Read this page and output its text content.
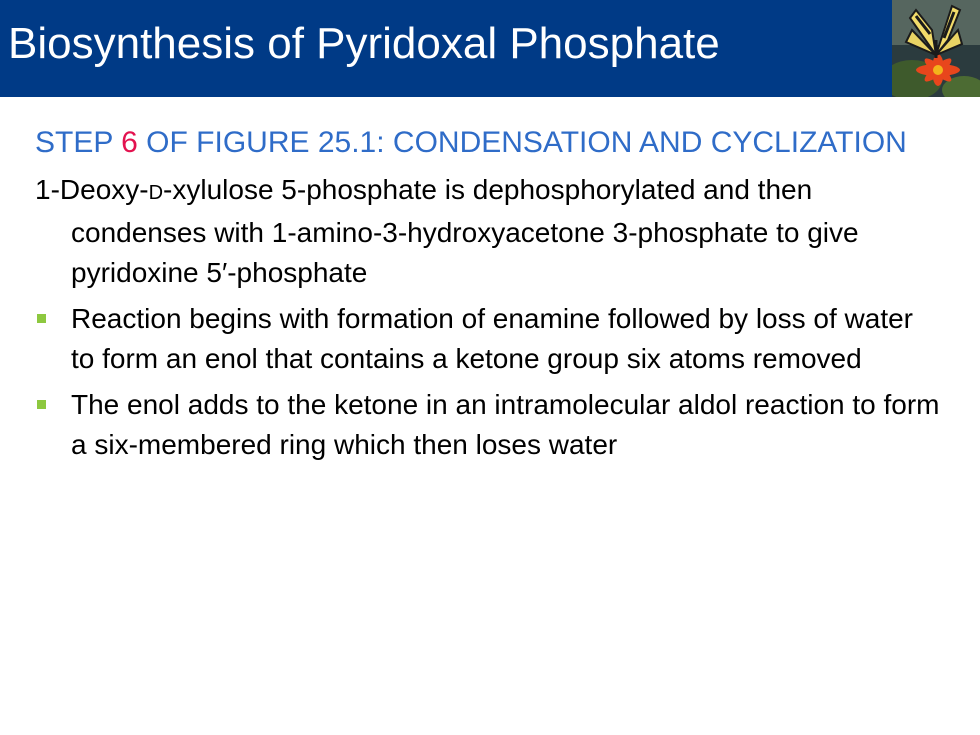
Biosynthesis of Pyridoxal Phosphate
STEP 6 OF FIGURE 25.1: CONDENSATION AND CYCLIZATION
1-Deoxy-D-xylulose 5-phosphate is dephosphorylated and then condenses with 1-amino-3-hydroxyacetone 3-phosphate to give pyridoxine 5′-phosphate
Reaction begins with formation of enamine followed by loss of water to form an enol that contains a ketone group six atoms removed
The enol adds to the ketone in an intramolecular aldol reaction to form a six-membered ring which then loses water
